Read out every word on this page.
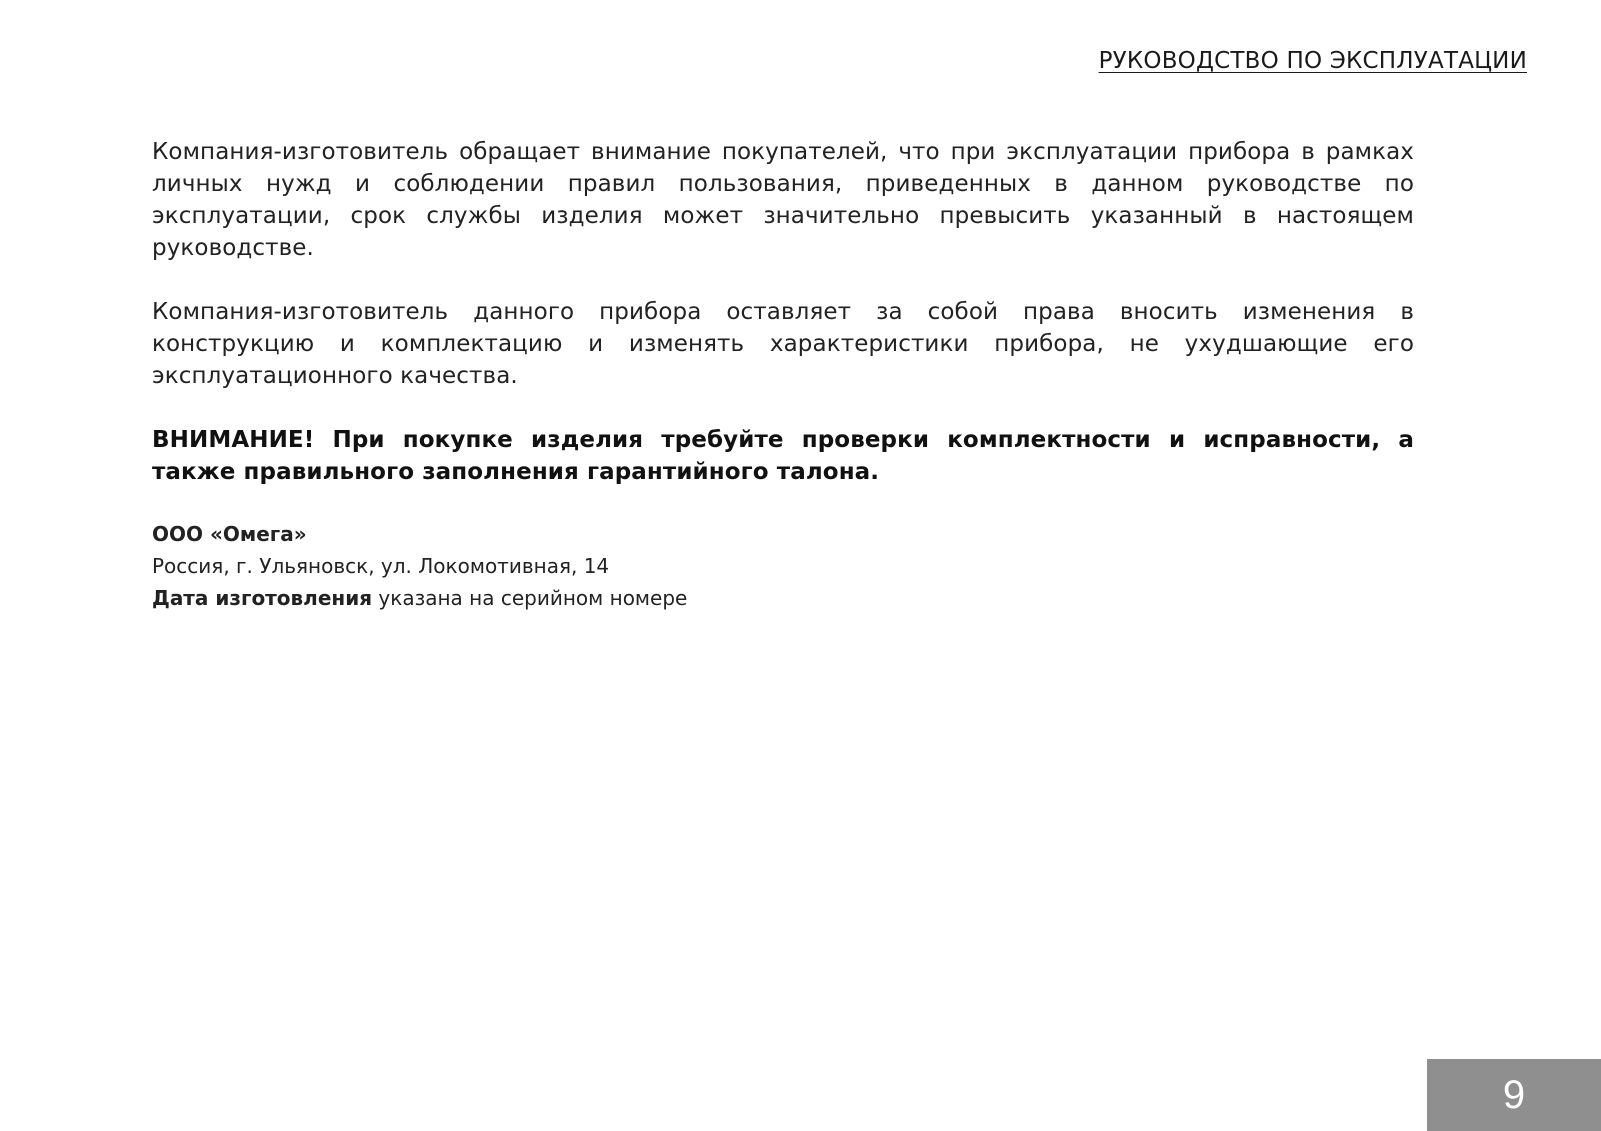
РУКОВОДСТВО ПО ЭКСПЛУАТАЦИИ

Компания-изготовитель обращает внимание покупателей, что при эксплуатации прибора в рамках личных нужд и соблюдении правил пользования, приведенных в данном руководстве по эксплуатации, срок службы изделия может значительно превысить указанный в настоящем руководстве.

Компания-изготовитель данного прибора оставляет за собой права вносить изменения в конструкцию и комплектацию и изменять характеристики прибора, не ухудшающие его эксплуатационного качества.

ВНИМАНИЕ! При покупке изделия требуйте проверки комплектности и исправности, а также правильного заполнения гарантийного талона.

ООО «Омега»
Россия, г. Ульяновск, ул. Локомотивная, 14
Дата изготовления указана на серийном номере
9
